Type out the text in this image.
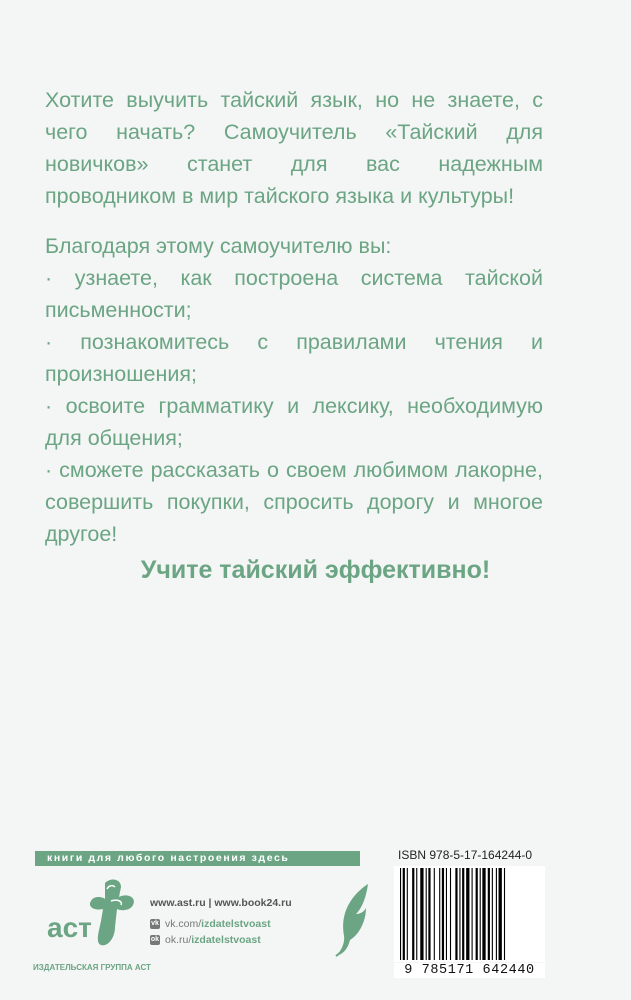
Хотите выучить тайский язык, но не знаете, с чего начать? Самоучитель «Тайский для новичков» станет для вас надежным проводником в мир тайского языка и культуры!

Благодаря этому самоучителю вы:

· узнаете, как построена система тайской письменности;

· познакомитесь с правилами чтения и произношения;

· освоите грамматику и лексику, необходимую для общения;

· сможете рассказать о своем любимом лакорне, совершить покупки, спросить дорогу и многое другое!

Учите тайский эффективно!
книги для любого настроения здесь
аст
ИЗДАТЕЛЬСКАЯ ГРУППА АСТ
www.ast.ru | www.book24.ru
vk vk.com/ izdatelstvoast
ok ok.ru/ izdatelstvoast
ISBN 978-5-17-164244-0
9 785171 642440
